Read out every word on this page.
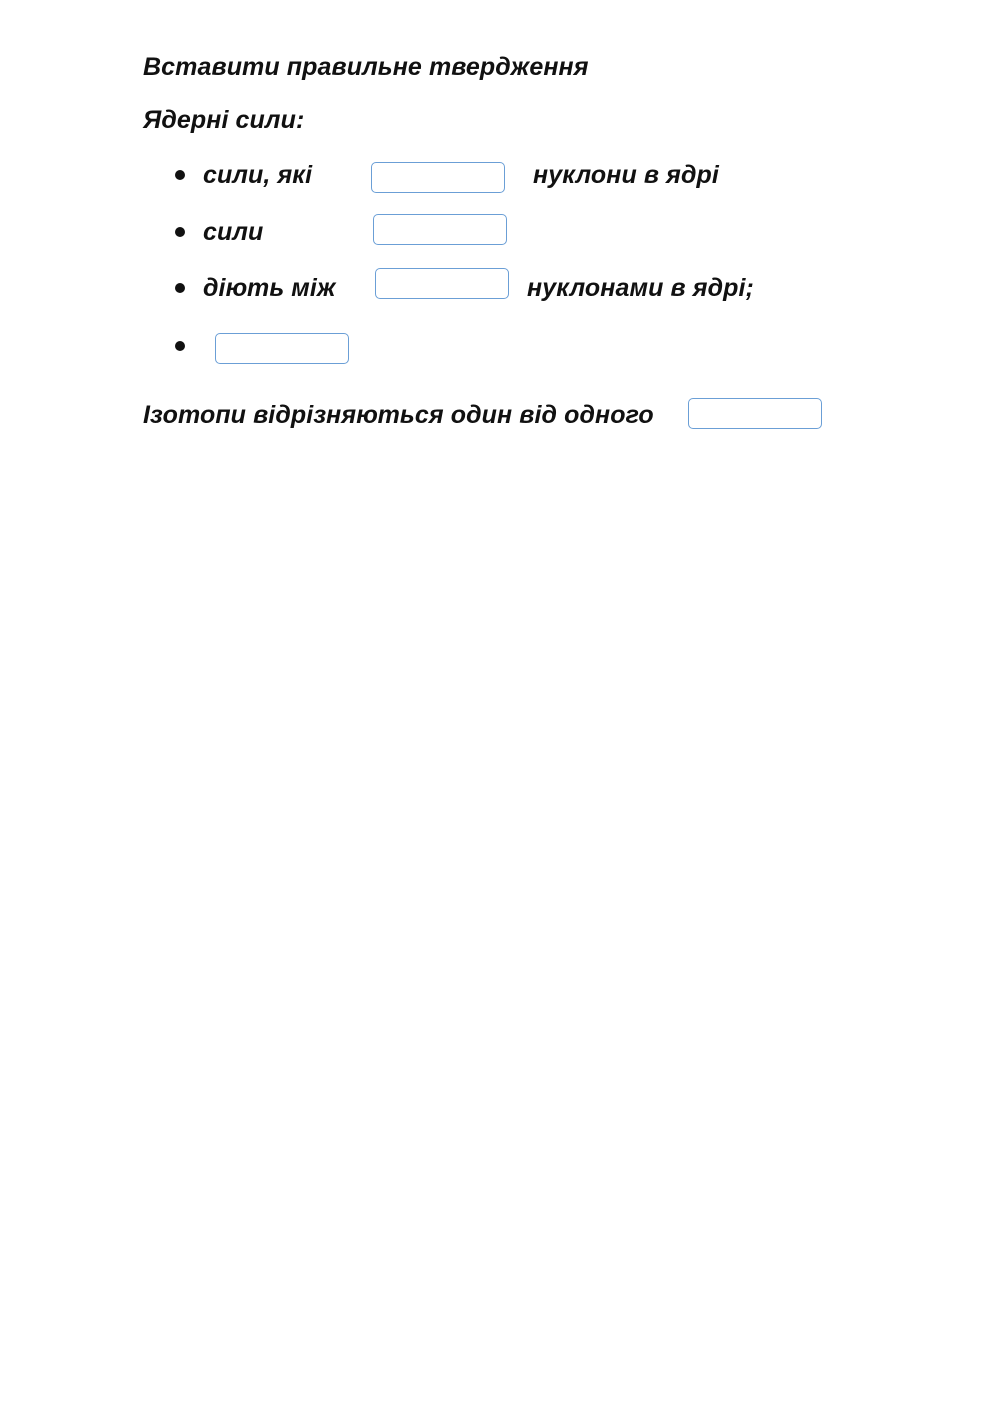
Вставити правильне твердження
Ядерні сили:
сили, які	нуклони в ядрі
сили
діють між	нуклонами в ядрі;
Ізотопи відрізняються один від одного
